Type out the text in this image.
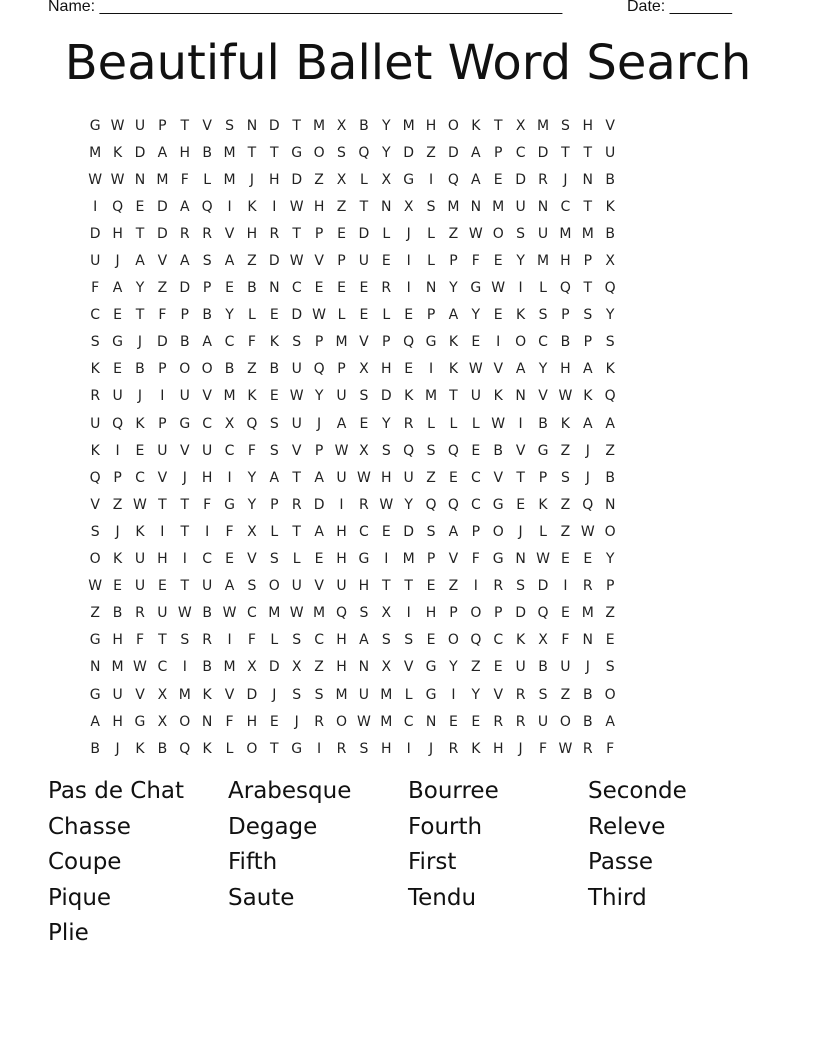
Name: ____________________________________________________	Date: _______
Beautiful Ballet Word Search
G W U P T V S N D T M X B Y M H O K T X M S H V
M K D A H B M T T G O S Q Y D Z D A P C D T T U
W W N M F	L M	J	H D Z X L X G	I	Q A E D R	J	N B
I	Q E D A Q	I	K	I W H Z T N X S M N M U N C T K
D H T D R R V H R T P E D L	J	L Z W O S U M M B
U	J	A V A S A Z D W V P U E	I	L	P	F E Y M H P X
F A Y Z D P E B N C E E E R	I	N Y G W I	L Q T Q
C E T	F	P B Y	L	E D W L	E	L	E P A Y E K S P S Y
S G	J	D B A C F K S P M V P Q G K E	I	O C B P S
K E B P O O B Z B U Q P X H E	I	K W V A Y H A K
R U	J	I	U V M K E W Y U S D K M T U K N V W K Q
U Q K P G C X Q S U	J	A E Y R L	L	L W I	B K A A
K	I	E U V U C F S V P W X S Q S Q E B V G Z	J	Z
Q P C V	J	H	I	Y A T A U W H U Z E C V T P S	J	B
V Z W T T	F G Y P R D	I	R W Y Q Q C G E K Z Q N
S	J	K	I	T	I	F X L	T A H C E D S A P O	J	L Z W O
O K U H	I	C E V S	L	E H G	I	M P V F G N W E E Y
W E U E T U A S O U V U H T T E Z	I	R S D	I	R P
Z B R U W B W C M W M Q S X	I	H P O P D Q E M Z
G H F	T S R	I	F	L	S C H A S S E O Q C K X F N E
N M W C	I	B M X D X Z H N X V G Y Z E U B U	J	S
G U V X M K V D	J	S S M U M L G	I	Y V R S Z B O
A H G X O N F H E	J	R O W M C N E E R R U O B A
B	J	K B Q K L O T G	I	R S H	I	J	R K H	J	F W R F
Pas de Chat	Arabesque	Bourree	Seconde
Chasse	Degage	Fourth	Releve
Coupe	Fifth	First	Passe
Pique	Saute	Tendu	Third
Plie
